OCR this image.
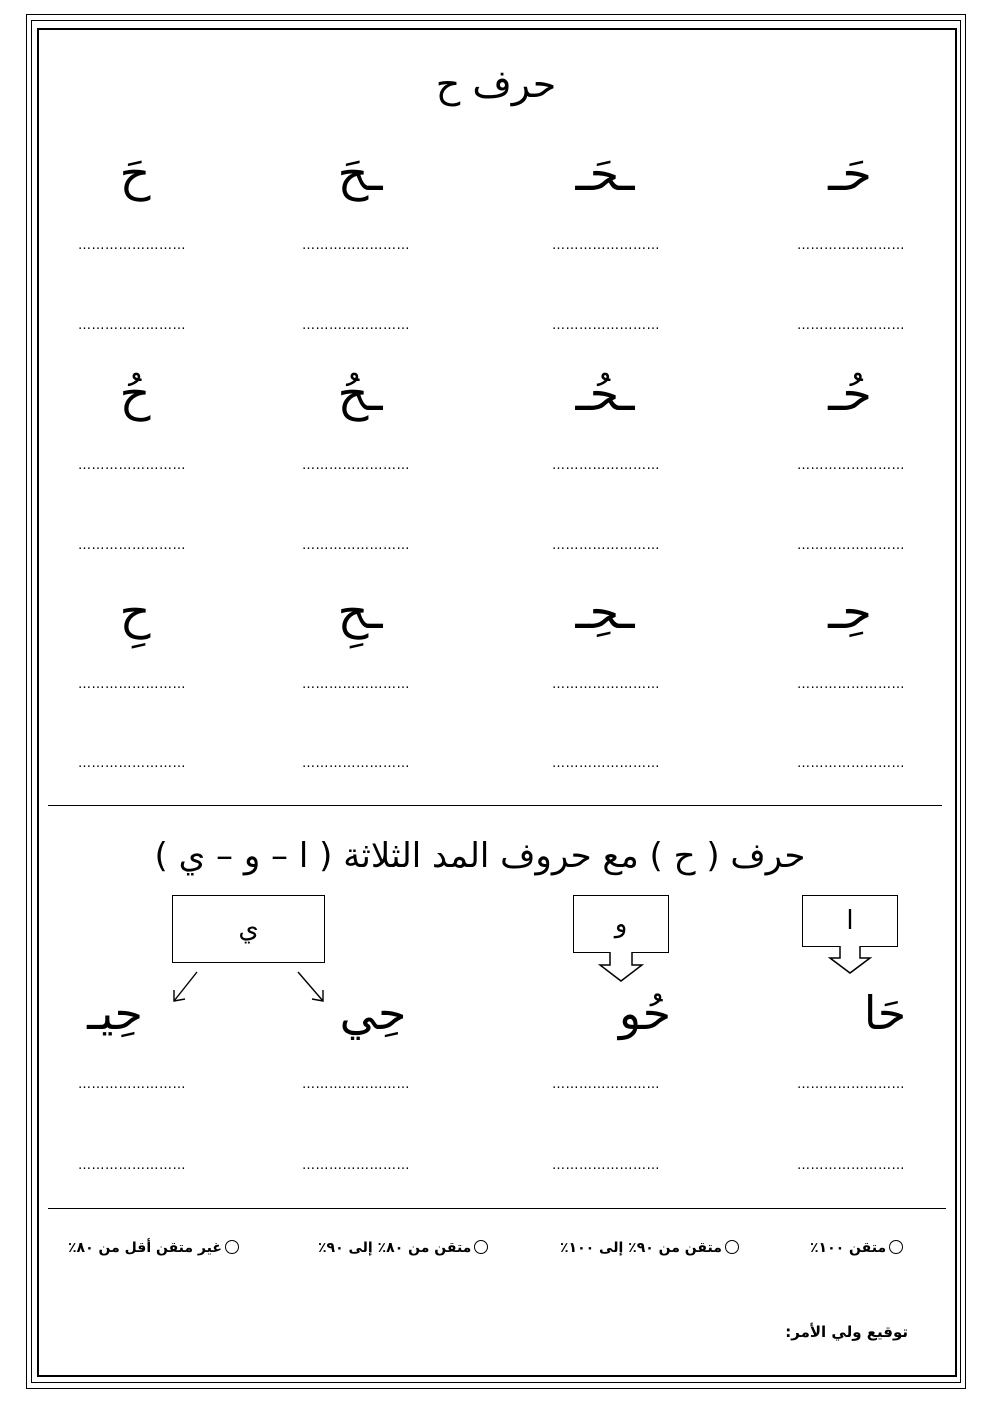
حرف ح
حَـ
ـحَـ
ـحَ
حَ
……………………
……………………
……………………
……………………
……………………
……………………
……………………
……………………
حُـ
ـحُـ
ـحُ
حُ
……………………
……………………
……………………
……………………
……………………
……………………
……………………
……………………
حِـ
ـحِـ
ـحِ
حِ
……………………
……………………
……………………
……………………
……………………
……………………
……………………
……………………
حرف ( ح ) مع حروف المد الثلاثة ( ا – و – ي )
ا
و
ي
حَا
حُو
حِي
حِيـ
……………………
……………………
……………………
……………………
……………………
……………………
……………………
……………………
متقن ١٠٠٪
متقن من ٩٠٪ إلى ١٠٠٪
متقن من ٨٠٪ إلى ٩٠٪
غير متقن أقل من ٨٠٪
توقيع ولي الأمر:
